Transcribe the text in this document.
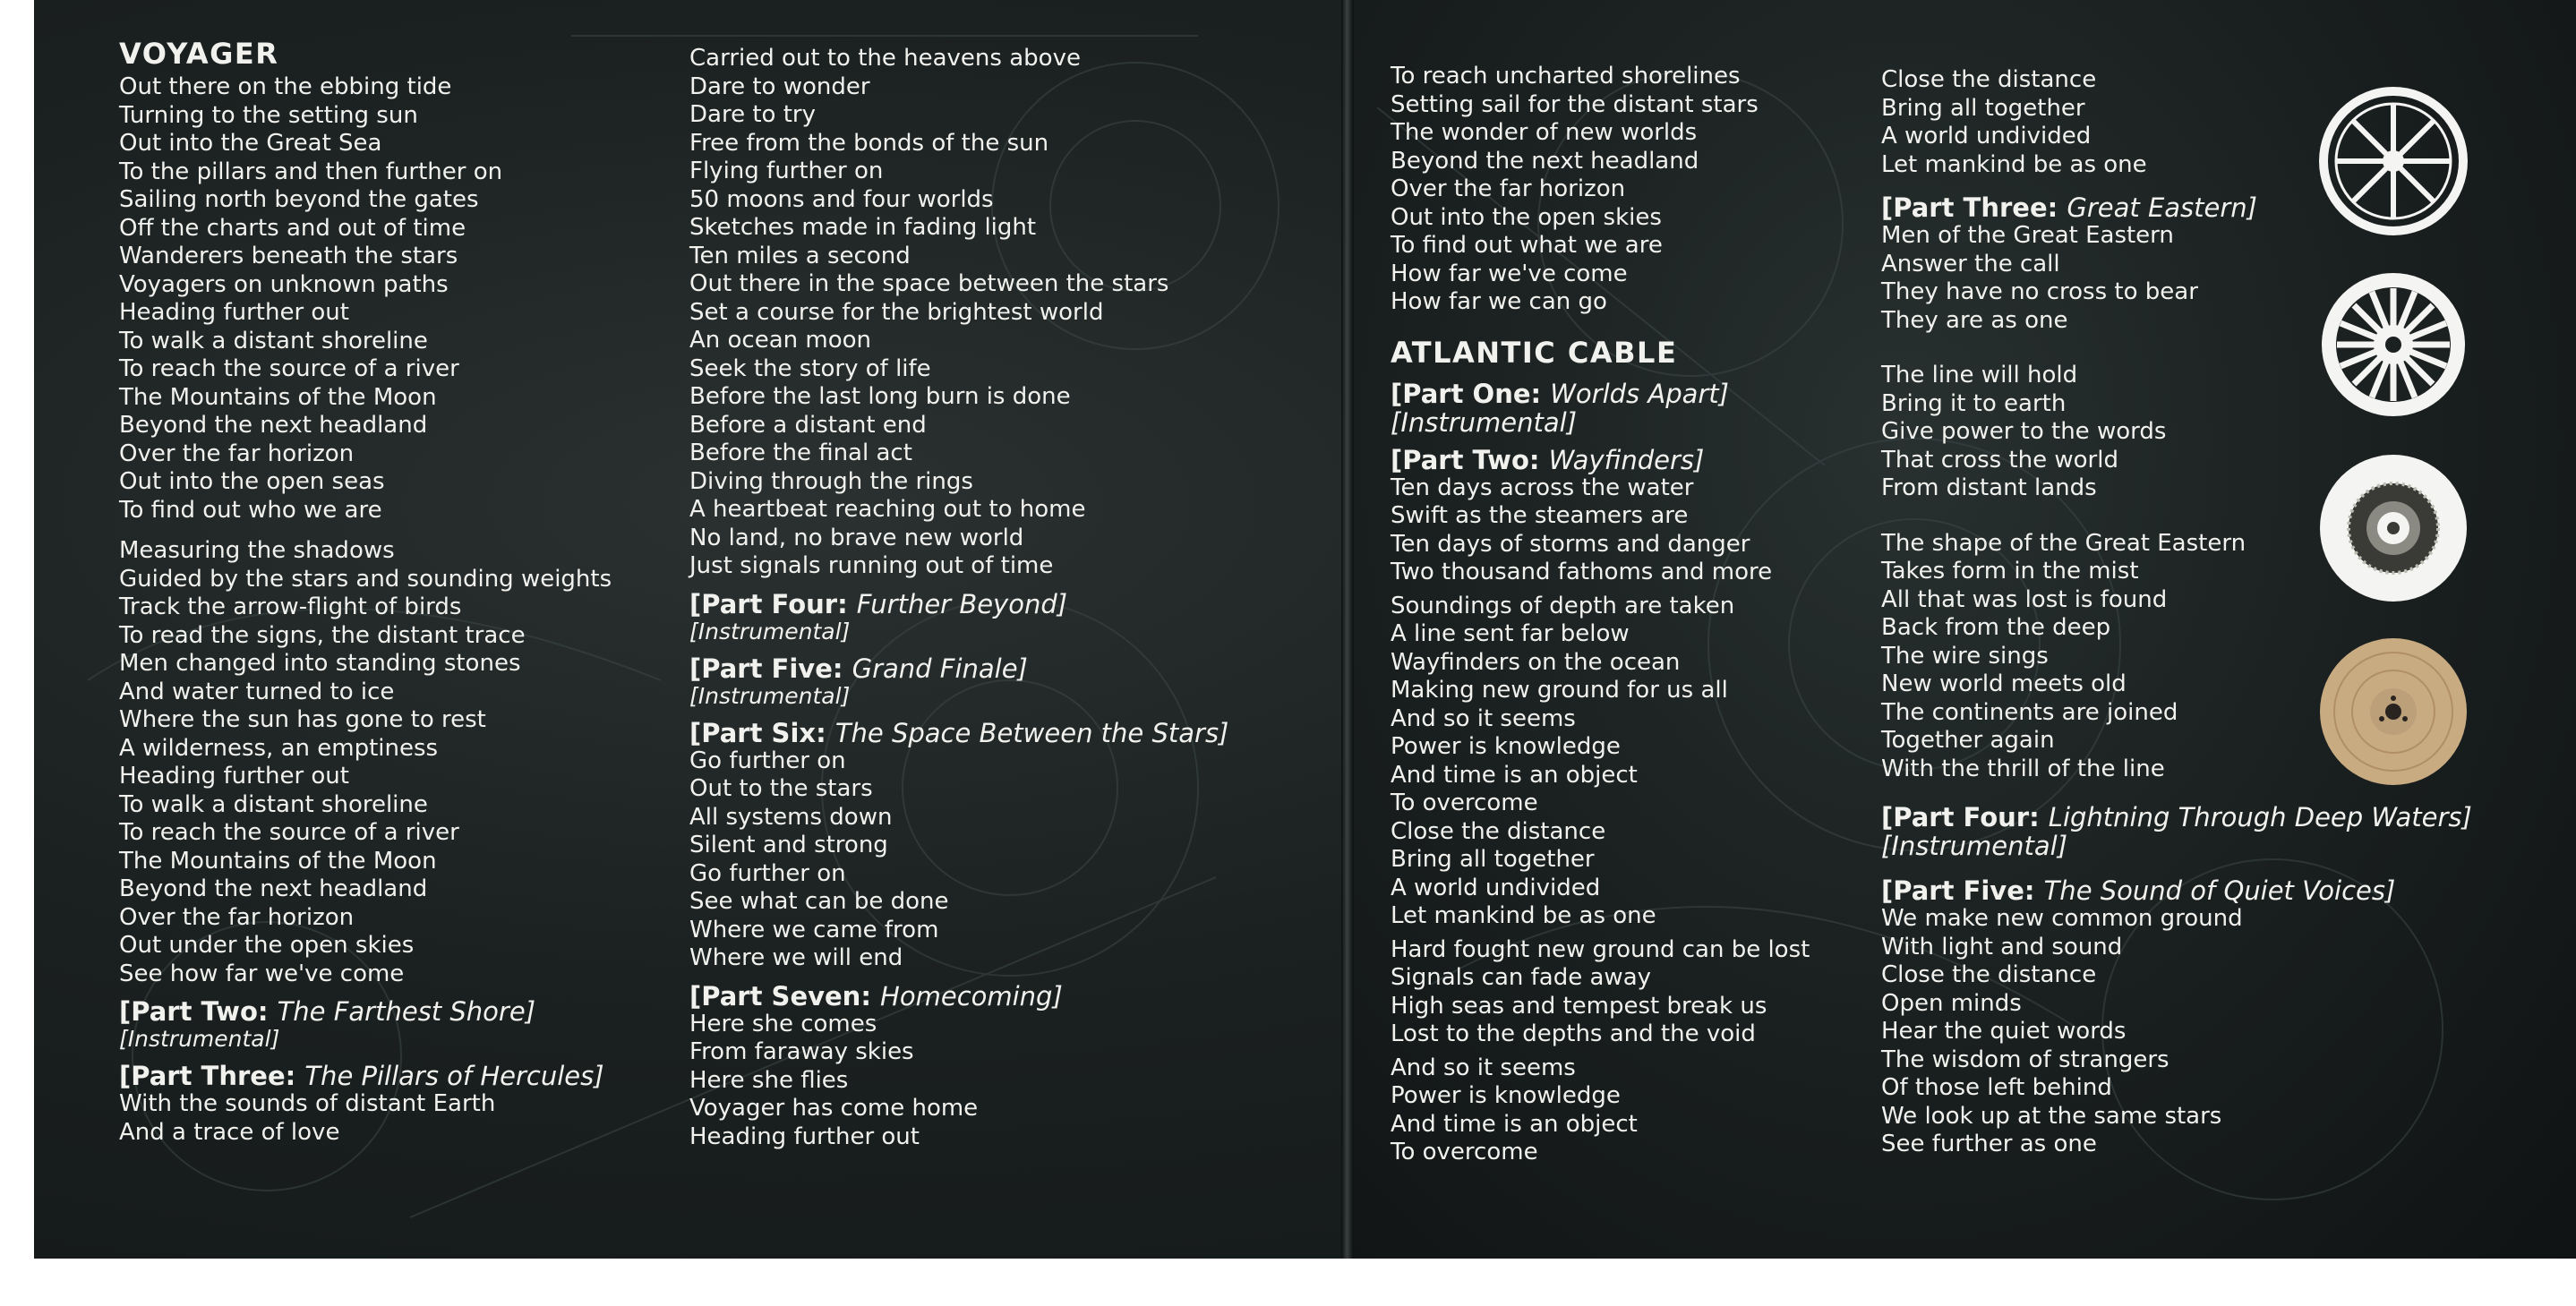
VOYAGER
Out there on the ebbing tide
Turning to the setting sun
Out into the Great Sea
To the pillars and then further on
Sailing north beyond the gates
Off the charts and out of time
Wanderers beneath the stars
Voyagers on unknown paths
Heading further out
To walk a distant shoreline
To reach the source of a river
The Mountains of the Moon
Beyond the next headland
Over the far horizon
Out into the open seas
To find out who we are
Measuring the shadows
Guided by the stars and sounding weights
Track the arrow-flight of birds
To read the signs, the distant trace
Men changed into standing stones
And water turned to ice
Where the sun has gone to rest
A wilderness, an emptiness
Heading further out
To walk a distant shoreline
To reach the source of a river
The Mountains of the Moon
Beyond the next headland
Over the far horizon
Out under the open skies
See how far we've come
[Part Two: The Farthest Shore]
[Instrumental]
[Part Three: The Pillars of Hercules]
With the sounds of distant Earth
And a trace of love
Carried out to the heavens above
Dare to wonder
Dare to try
Free from the bonds of the sun
Flying further on
50 moons and four worlds
Sketches made in fading light
Ten miles a second
Out there in the space between the stars
Set a course for the brightest world
An ocean moon
Seek the story of life
Before the last long burn is done
Before a distant end
Before the final act
Diving through the rings
A heartbeat reaching out to home
No land, no brave new world
Just signals running out of time
[Part Four: Further Beyond]
[Instrumental]
[Part Five: Grand Finale]
[Instrumental]
[Part Six: The Space Between the Stars]
Go further on
Out to the stars
All systems down
Silent and strong
Go further on
See what can be done
Where we came from
Where we will end
[Part Seven: Homecoming]
Here she comes
From faraway skies
Here she flies
Voyager has come home
Heading further out
To reach uncharted shorelines
Setting sail for the distant stars
The wonder of new worlds
Beyond the next headland
Over the far horizon
Out into the open skies
To find out what we are
How far we've come
How far we can go
ATLANTIC CABLE
[Part One: Worlds Apart]
[Instrumental]
[Part Two: Wayfinders]
Ten days across the water
Swift as the steamers are
Ten days of storms and danger
Two thousand fathoms and more
Soundings of depth are taken
A line sent far below
Wayfinders on the ocean
Making new ground for us all
And so it seems
Power is knowledge
And time is an object
To overcome
Close the distance
Bring all together
A world undivided
Let mankind be as one
Hard fought new ground can be lost
Signals can fade away
High seas and tempest break us
Lost to the depths and the void
And so it seems
Power is knowledge
And time is an object
To overcome
Close the distance
Bring all together
A world undivided
Let mankind be as one
[Part Three: Great Eastern]
Men of the Great Eastern
Answer the call
They have no cross to bear
They are as one
The line will hold
Bring it to earth
Give power to the words
That cross the world
From distant lands
The shape of the Great Eastern
Takes form in the mist
All that was lost is found
Back from the deep
The wire sings
New world meets old
The continents are joined
Together again
With the thrill of the line
[Part Four: Lightning Through Deep Waters]
[Instrumental]
[Part Five: The Sound of Quiet Voices]
We make new common ground
With light and sound
Close the distance
Open minds
Hear the quiet words
The wisdom of strangers
Of those left behind
We look up at the same stars
See further as one
